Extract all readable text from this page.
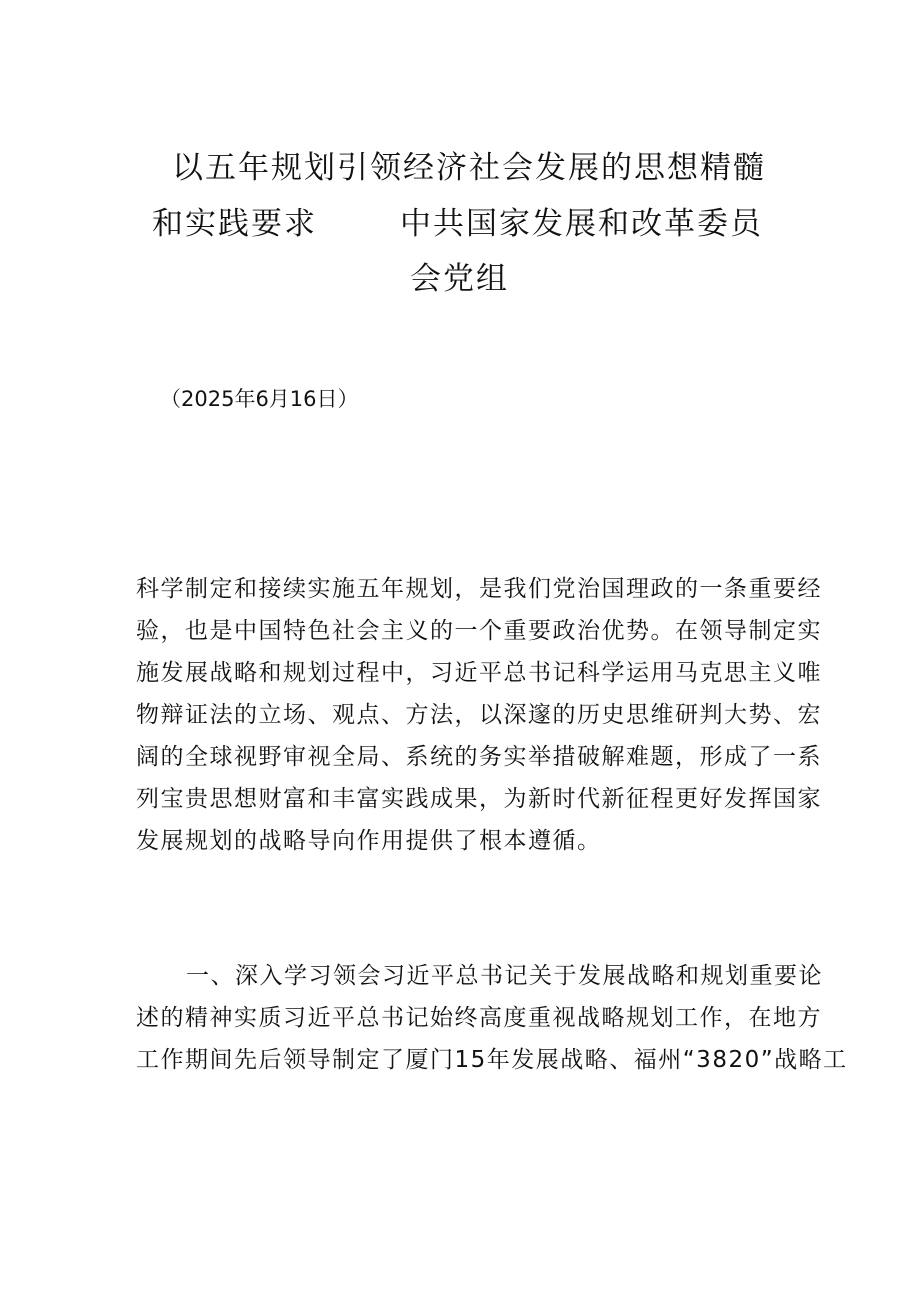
以五年规划引领经济社会发展的思想精髓
和实践要求	中共国家发展和改革委员
会党组
（2025年6月16日）
科学制定和接续实施五年规划，是我们党治国理政的一条重要经
验，也是中国特色社会主义的一个重要政治优势。在领导制定实
施发展战略和规划过程中，习近平总书记科学运用马克思主义唯
物辩证法的立场、观点、方法，以深邃的历史思维研判大势、宏
阔的全球视野审视全局、系统的务实举措破解难题，形成了一系
列宝贵思想财富和丰富实践成果，为新时代新征程更好发挥国家
发展规划的战略导向作用提供了根本遵循。
一、深入学习领会习近平总书记关于发展战略和规划重要论
述的精神实质习近平总书记始终高度重视战略规划工作，在地方
工作期间先后领导制定了厦门15年发展战略、福州“3820”战略工
